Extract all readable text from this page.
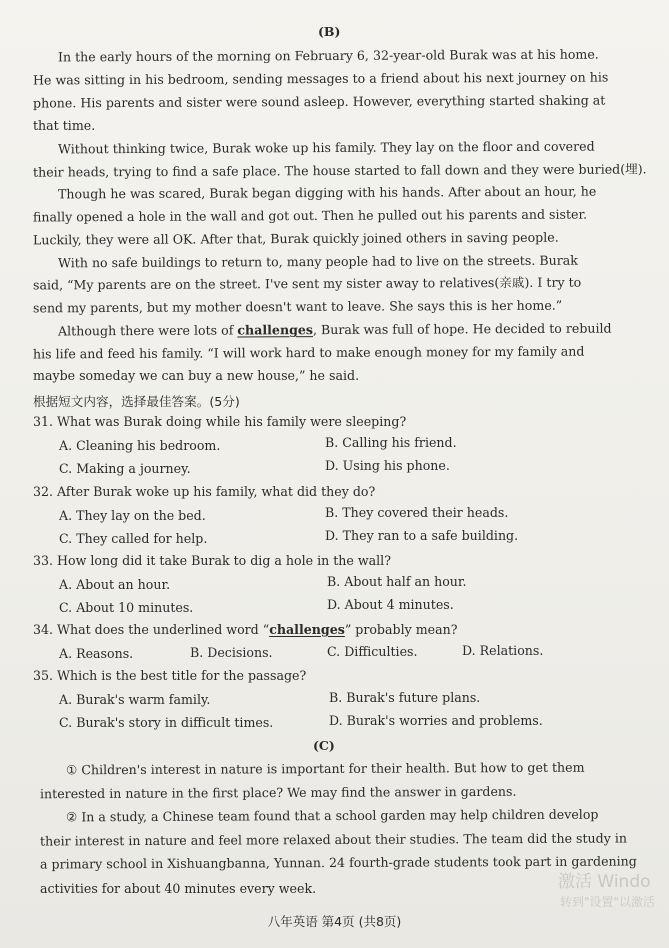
(B)
In the early hours of the morning on February 6, 32-year-old Burak was at his home.
He was sitting in his bedroom, sending messages to a friend about his next journey on his
phone. His parents and sister were sound asleep. However, everything started shaking at
that time.
Without thinking twice, Burak woke up his family. They lay on the floor and covered
their heads, trying to find a safe place. The house started to fall down and they were buried(埋).
Though he was scared, Burak began digging with his hands. After about an hour, he
finally opened a hole in the wall and got out. Then he pulled out his parents and sister.
Luckily, they were all OK. After that, Burak quickly joined others in saving people.
With no safe buildings to return to, many people had to live on the streets. Burak
said, “My parents are on the street. I've sent my sister away to relatives(亲戚). I try to
send my parents, but my mother doesn't want to leave. She says this is her home.”
Although there were lots of challenges, Burak was full of hope. He decided to rebuild
his life and feed his family. “I will work hard to make enough money for my family and
maybe someday we can buy a new house,” he said.
根据短文内容，选择最佳答案。(5分)
31. What was Burak doing while his family were sleeping?
A. Cleaning his bedroom.	B. Calling his friend.
C. Making a journey.	D. Using his phone.
32. After Burak woke up his family, what did they do?
A. They lay on the bed.	B. They covered their heads.
C. They called for help.	D. They ran to a safe building.
33. How long did it take Burak to dig a hole in the wall?
A. About an hour.	B. About half an hour.
C. About 10 minutes.	D. About 4 minutes.
34. What does the underlined word “challenges” probably mean?
A. Reasons.	B. Decisions.	C. Difficulties.	D. Relations.
35. Which is the best title for the passage?
A. Burak's warm family.	B. Burak's future plans.
C. Burak's story in difficult times.	D. Burak's worries and problems.
(C)
① Children's interest in nature is important for their health. But how to get them
interested in nature in the first place? We may find the answer in gardens.
② In a study, a Chinese team found that a school garden may help children develop
their interest in nature and feel more relaxed about their studies. The team did the study in
a primary school in Xishuangbanna, Yunnan. 24 fourth-grade students took part in gardening
activities for about 40 minutes every week.
八年英语 第4页 (共8页)
激活 Windo
转到"设置"以激活
